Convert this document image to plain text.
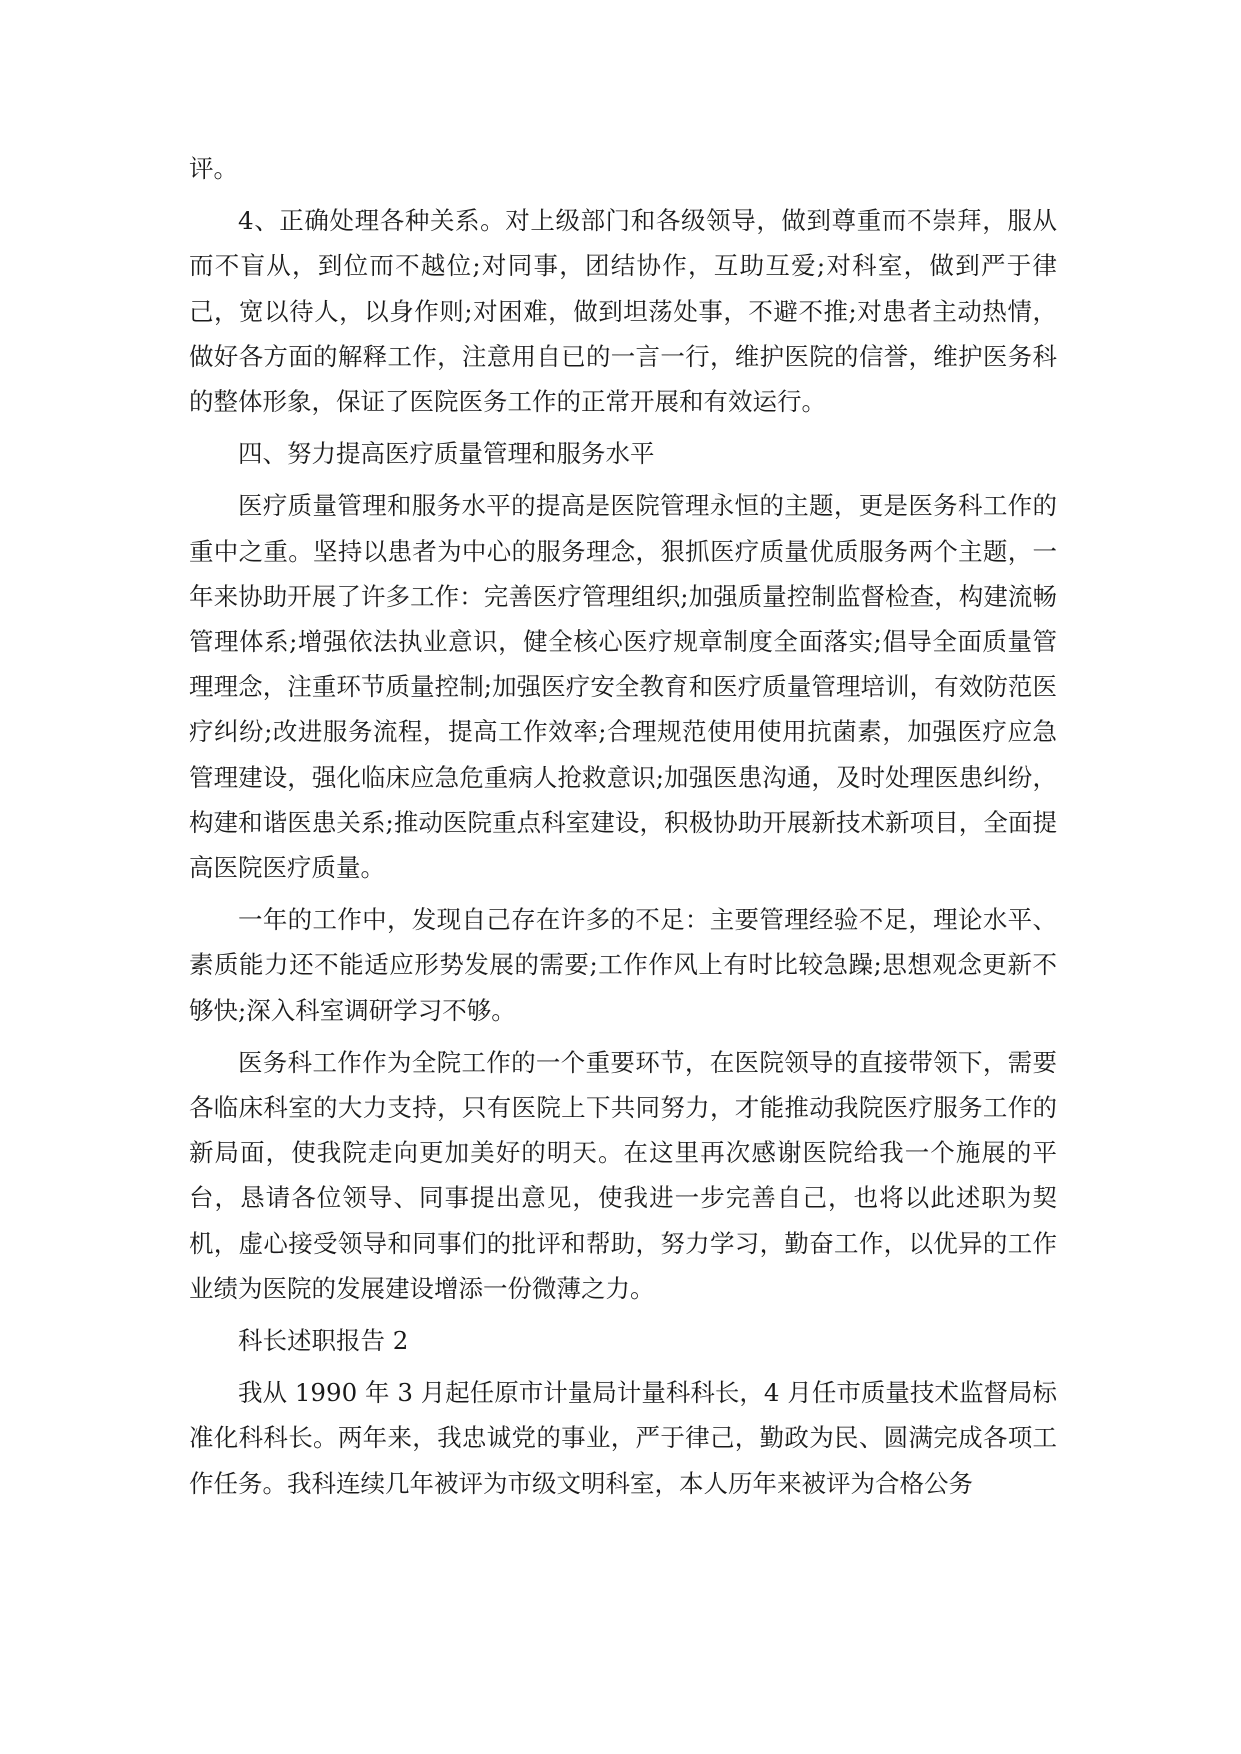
评。

4、正确处理各种关系。对上级部门和各级领导，做到尊重而不崇拜，服从而不盲从，到位而不越位;对同事，团结协作，互助互爱;对科室，做到严于律己，宽以待人，以身作则;对困难，做到坦荡处事，不避不推;对患者主动热情，做好各方面的解释工作，注意用自已的一言一行，维护医院的信誉，维护医务科的整体形象，保证了医院医务工作的正常开展和有效运行。

四、努力提高医疗质量管理和服务水平

医疗质量管理和服务水平的提高是医院管理永恒的主题，更是医务科工作的重中之重。坚持以患者为中心的服务理念，狠抓医疗质量优质服务两个主题，一年来协助开展了许多工作：完善医疗管理组织;加强质量控制监督检查，构建流畅管理体系;增强依法执业意识，健全核心医疗规章制度全面落实;倡导全面质量管理理念，注重环节质量控制;加强医疗安全教育和医疗质量管理培训，有效防范医疗纠纷;改进服务流程，提高工作效率;合理规范使用使用抗菌素，加强医疗应急管理建设，强化临床应急危重病人抢救意识;加强医患沟通，及时处理医患纠纷，构建和谐医患关系;推动医院重点科室建设，积极协助开展新技术新项目，全面提高医院医疗质量。

一年的工作中，发现自己存在许多的不足：主要管理经验不足，理论水平、素质能力还不能适应形势发展的需要;工作作风上有时比较急躁;思想观念更新不够快;深入科室调研学习不够。

医务科工作作为全院工作的一个重要环节，在医院领导的直接带领下，需要各临床科室的大力支持，只有医院上下共同努力，才能推动我院医疗服务工作的新局面，使我院走向更加美好的明天。在这里再次感谢医院给我一个施展的平台，恳请各位领导、同事提出意见，使我进一步完善自己，也将以此述职为契机，虚心接受领导和同事们的批评和帮助，努力学习，勤奋工作，以优异的工作业绩为医院的发展建设增添一份微薄之力。

科长述职报告 2

我从 1990 年 3 月起任原市计量局计量科科长，4 月任市质量技术监督局标准化科科长。两年来，我忠诚党的事业，严于律己，勤政为民、圆满完成各项工作任务。我科连续几年被评为市级文明科室，本人历年来被评为合格公务
